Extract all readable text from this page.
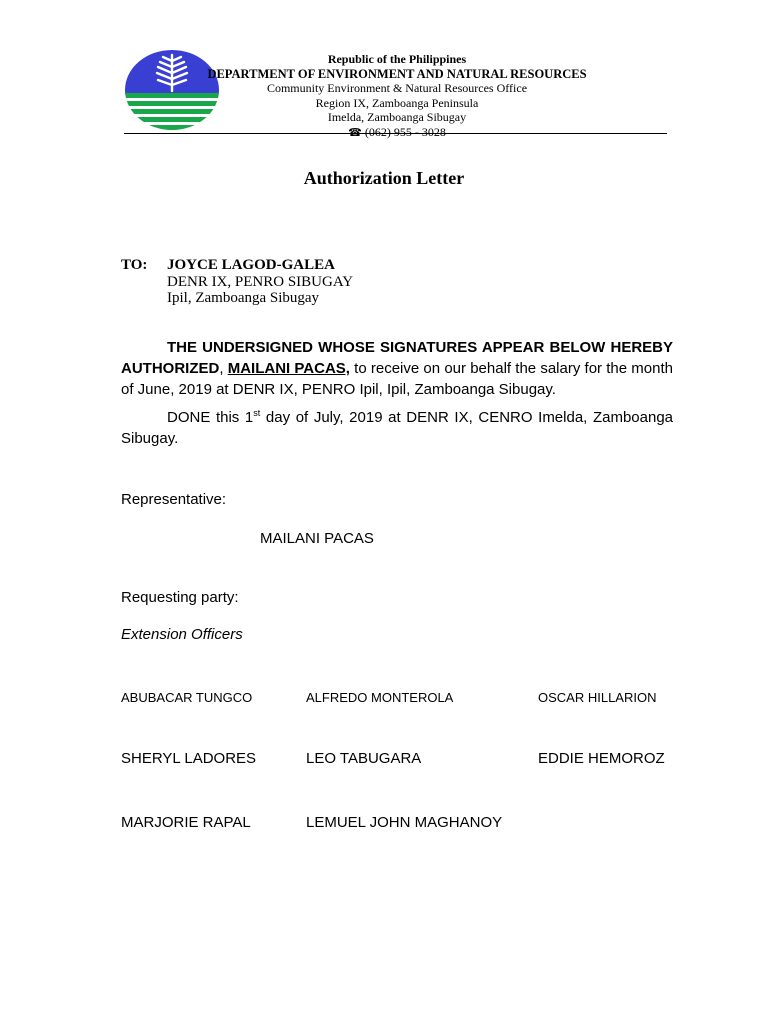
Republic of the Philippines
DEPARTMENT OF ENVIRONMENT AND NATURAL RESOURCES
Community Environment & Natural Resources Office
Region IX, Zamboanga Peninsula
Imelda, Zamboanga Sibugay
☎ (062) 955 - 3028
Authorization Letter
TO: JOYCE LAGOD-GALEA
DENR IX, PENRO SIBUGAY
Ipil, Zamboanga Sibugay
THE UNDERSIGNED WHOSE SIGNATURES APPEAR BELOW HEREBY AUTHORIZED, MAILANI PACAS, to receive on our behalf the salary for the month of June, 2019 at DENR IX, PENRO Ipil, Ipil, Zamboanga Sibugay.
DONE this 1st day of July, 2019 at DENR IX, CENRO Imelda, Zamboanga Sibugay.
Representative:
MAILANI PACAS
Requesting party:
Extension Officers
ABUBACAR TUNGCO	ALFREDO MONTEROLA	OSCAR HILLARION
SHERYL LADORES	LEO TABUGARA	EDDIE HEMOROZ
MARJORIE RAPAL	LEMUEL JOHN MAGHANOY
